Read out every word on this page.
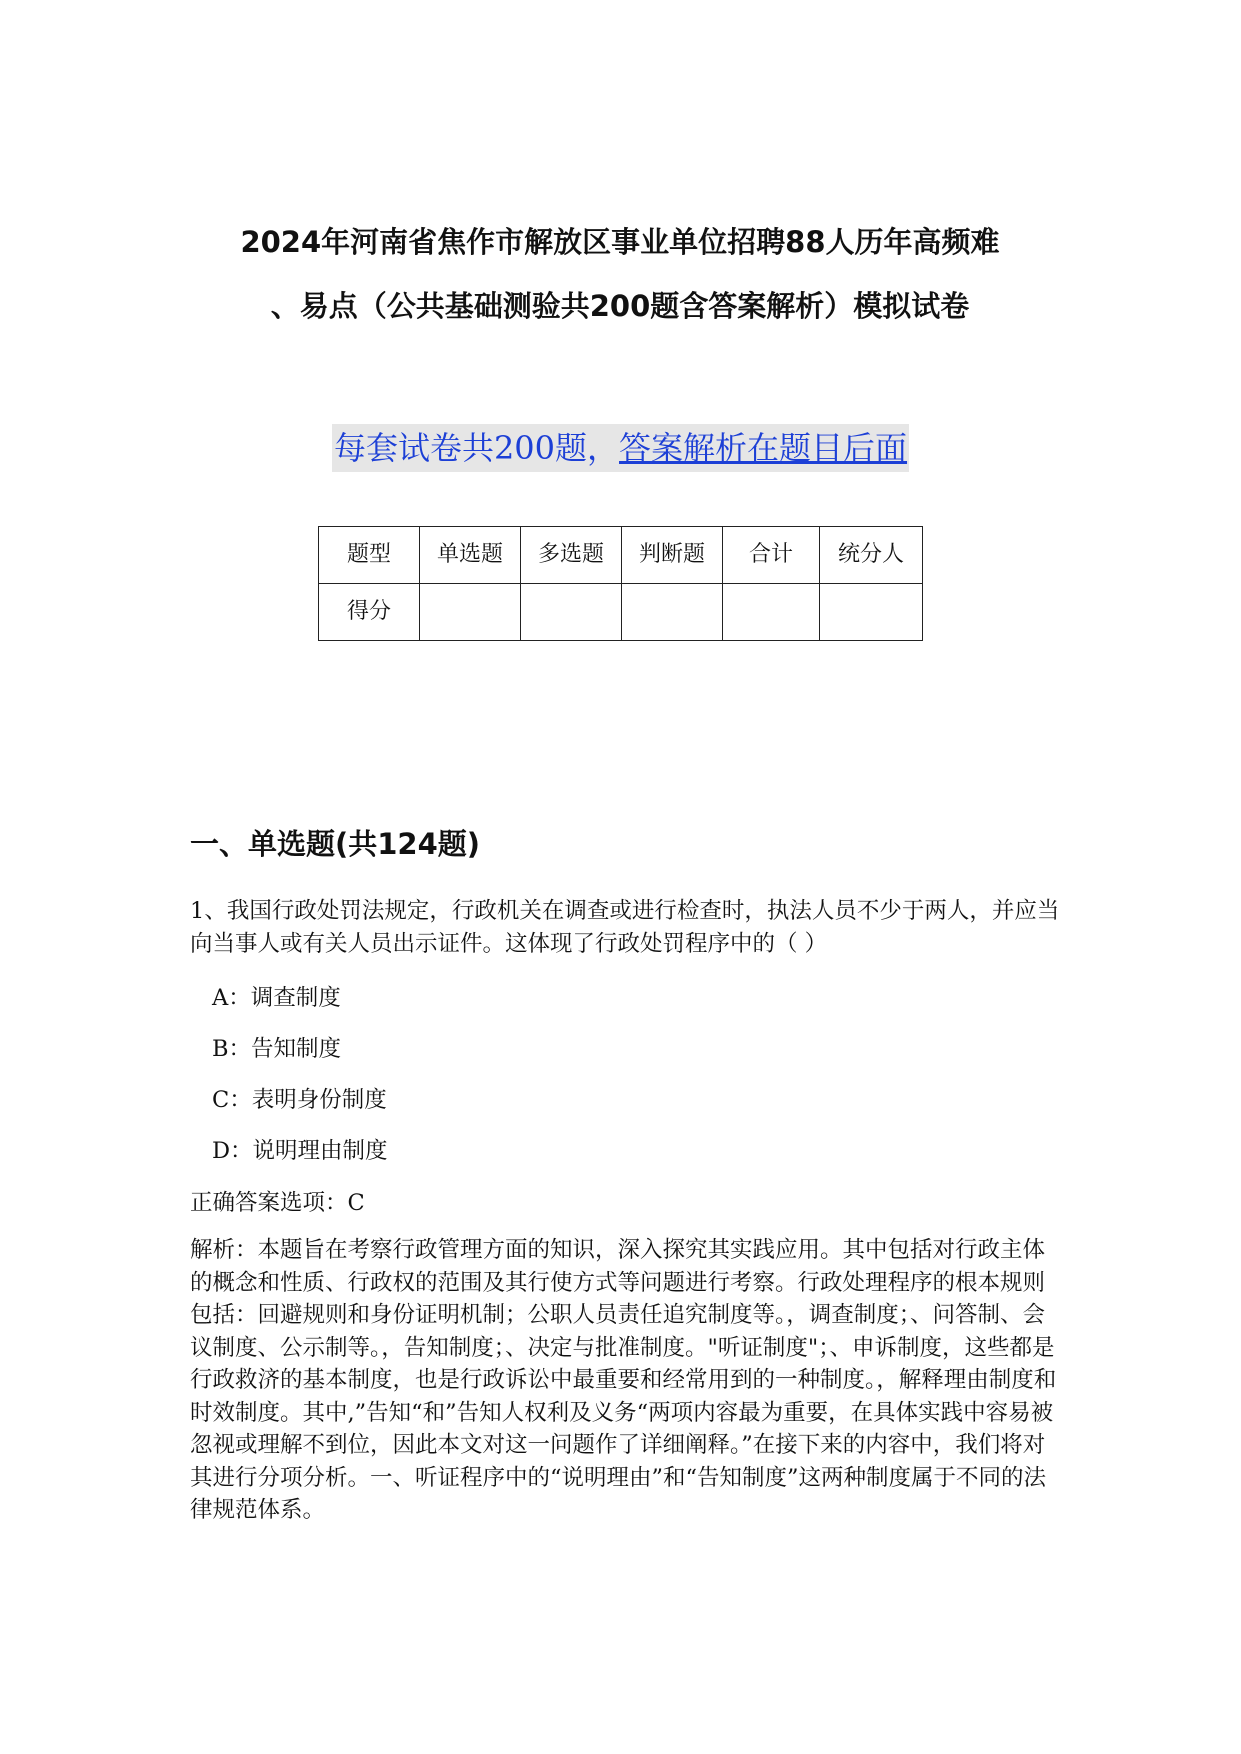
2024年河南省焦作市解放区事业单位招聘88人历年高频难
、易点（公共基础测验共200题含答案解析）模拟试卷
每套试卷共200题，答案解析在题目后面
题型	单选题	多选题	判断题	合计	统分人
得分					
一、单选题(共124题)
1、我国行政处罚法规定，行政机关在调查或进行检查时，执法人员不少于两人，并应当向当事人或有关人员出示证件。这体现了行政处罚程序中的（ ）
A：调查制度
B：告知制度
C：表明身份制度
D：说明理由制度
正确答案选项：C
解析：本题旨在考察行政管理方面的知识，深入探究其实践应用。其中包括对行政主体的概念和性质、行政权的范围及其行使方式等问题进行考察。行政处理程序的根本规则包括：回避规则和身份证明机制；公职人员责任追究制度等。，调查制度；、问答制、会议制度、公示制等。，告知制度；、决定与批准制度。"听证制度"；、申诉制度，这些都是行政救济的基本制度，也是行政诉讼中最重要和经常用到的一种制度。，解释理由制度和时效制度。其中,”告知“和”告知人权利及义务“两项内容最为重要，在具体实践中容易被忽视或理解不到位，因此本文对这一问题作了详细阐释。”在接下来的内容中，我们将对其进行分项分析。一、听证程序中的“说明理由”和“告知制度”这两种制度属于不同的法律规范体系。
